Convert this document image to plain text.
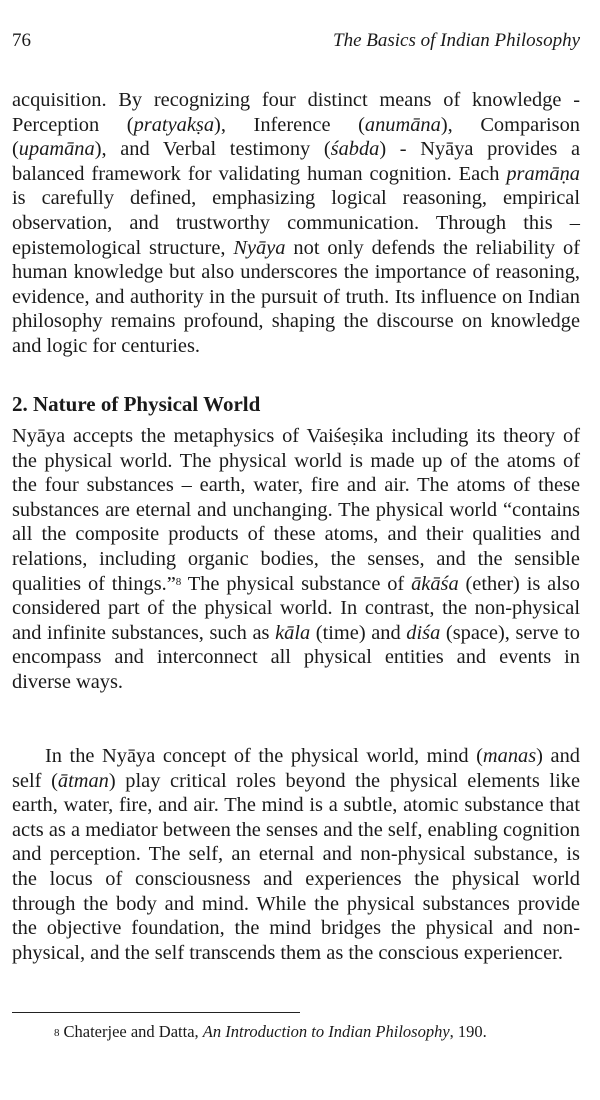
76	The Basics of Indian Philosophy

acquisition. By recognizing four distinct means of knowledge -Perception (pratyakṣa), Inference (anumāna), Comparison (upamāna), and Verbal testimony (śabda) - Nyāya provides a balanced framework for validating human cognition. Each pramāṇa is carefully defined, emphasizing logical reasoning, empirical observation, and trustworthy communication. Through this – epistemological structure, Nyāya not only defends the reliability of human knowledge but also underscores the importance of reasoning, evidence, and authority in the pursuit of truth. Its influence on Indian philosophy remains profound, shaping the discourse on knowledge and logic for centuries.

2. Nature of Physical World

Nyāya accepts the metaphysics of Vaiśeṣika including its theory of the physical world. The physical world is made up of the atoms of the four substances – earth, water, fire and air. The atoms of these substances are eternal and unchanging. The physical world “contains all the composite products of these atoms, and their qualities and relations, including organic bodies, the senses, and the sensible qualities of things.”$^8$ The physical substance of ākāśa (ether) is also considered part of the physical world. In contrast, the non-physical and infinite substances, such as kāla (time) and diśa (space), serve to encompass and interconnect all physical entities and events in diverse ways.

In the Nyāya concept of the physical world, mind (manas) and self (ātman) play critical roles beyond the physical elements like earth, water, fire, and air. The mind is a subtle, atomic substance that acts as a mediator between the senses and the self, enabling cognition and perception. The self, an eternal and non-physical substance, is the locus of consciousness and experiences the physical world through the body and mind. While the physical substances provide the objective foundation, the mind bridges the physical and non-physical, and the self transcends them as the conscious experiencer.

$^8$ Chaterjee and Datta, An Introduction to Indian Philosophy, 190.
